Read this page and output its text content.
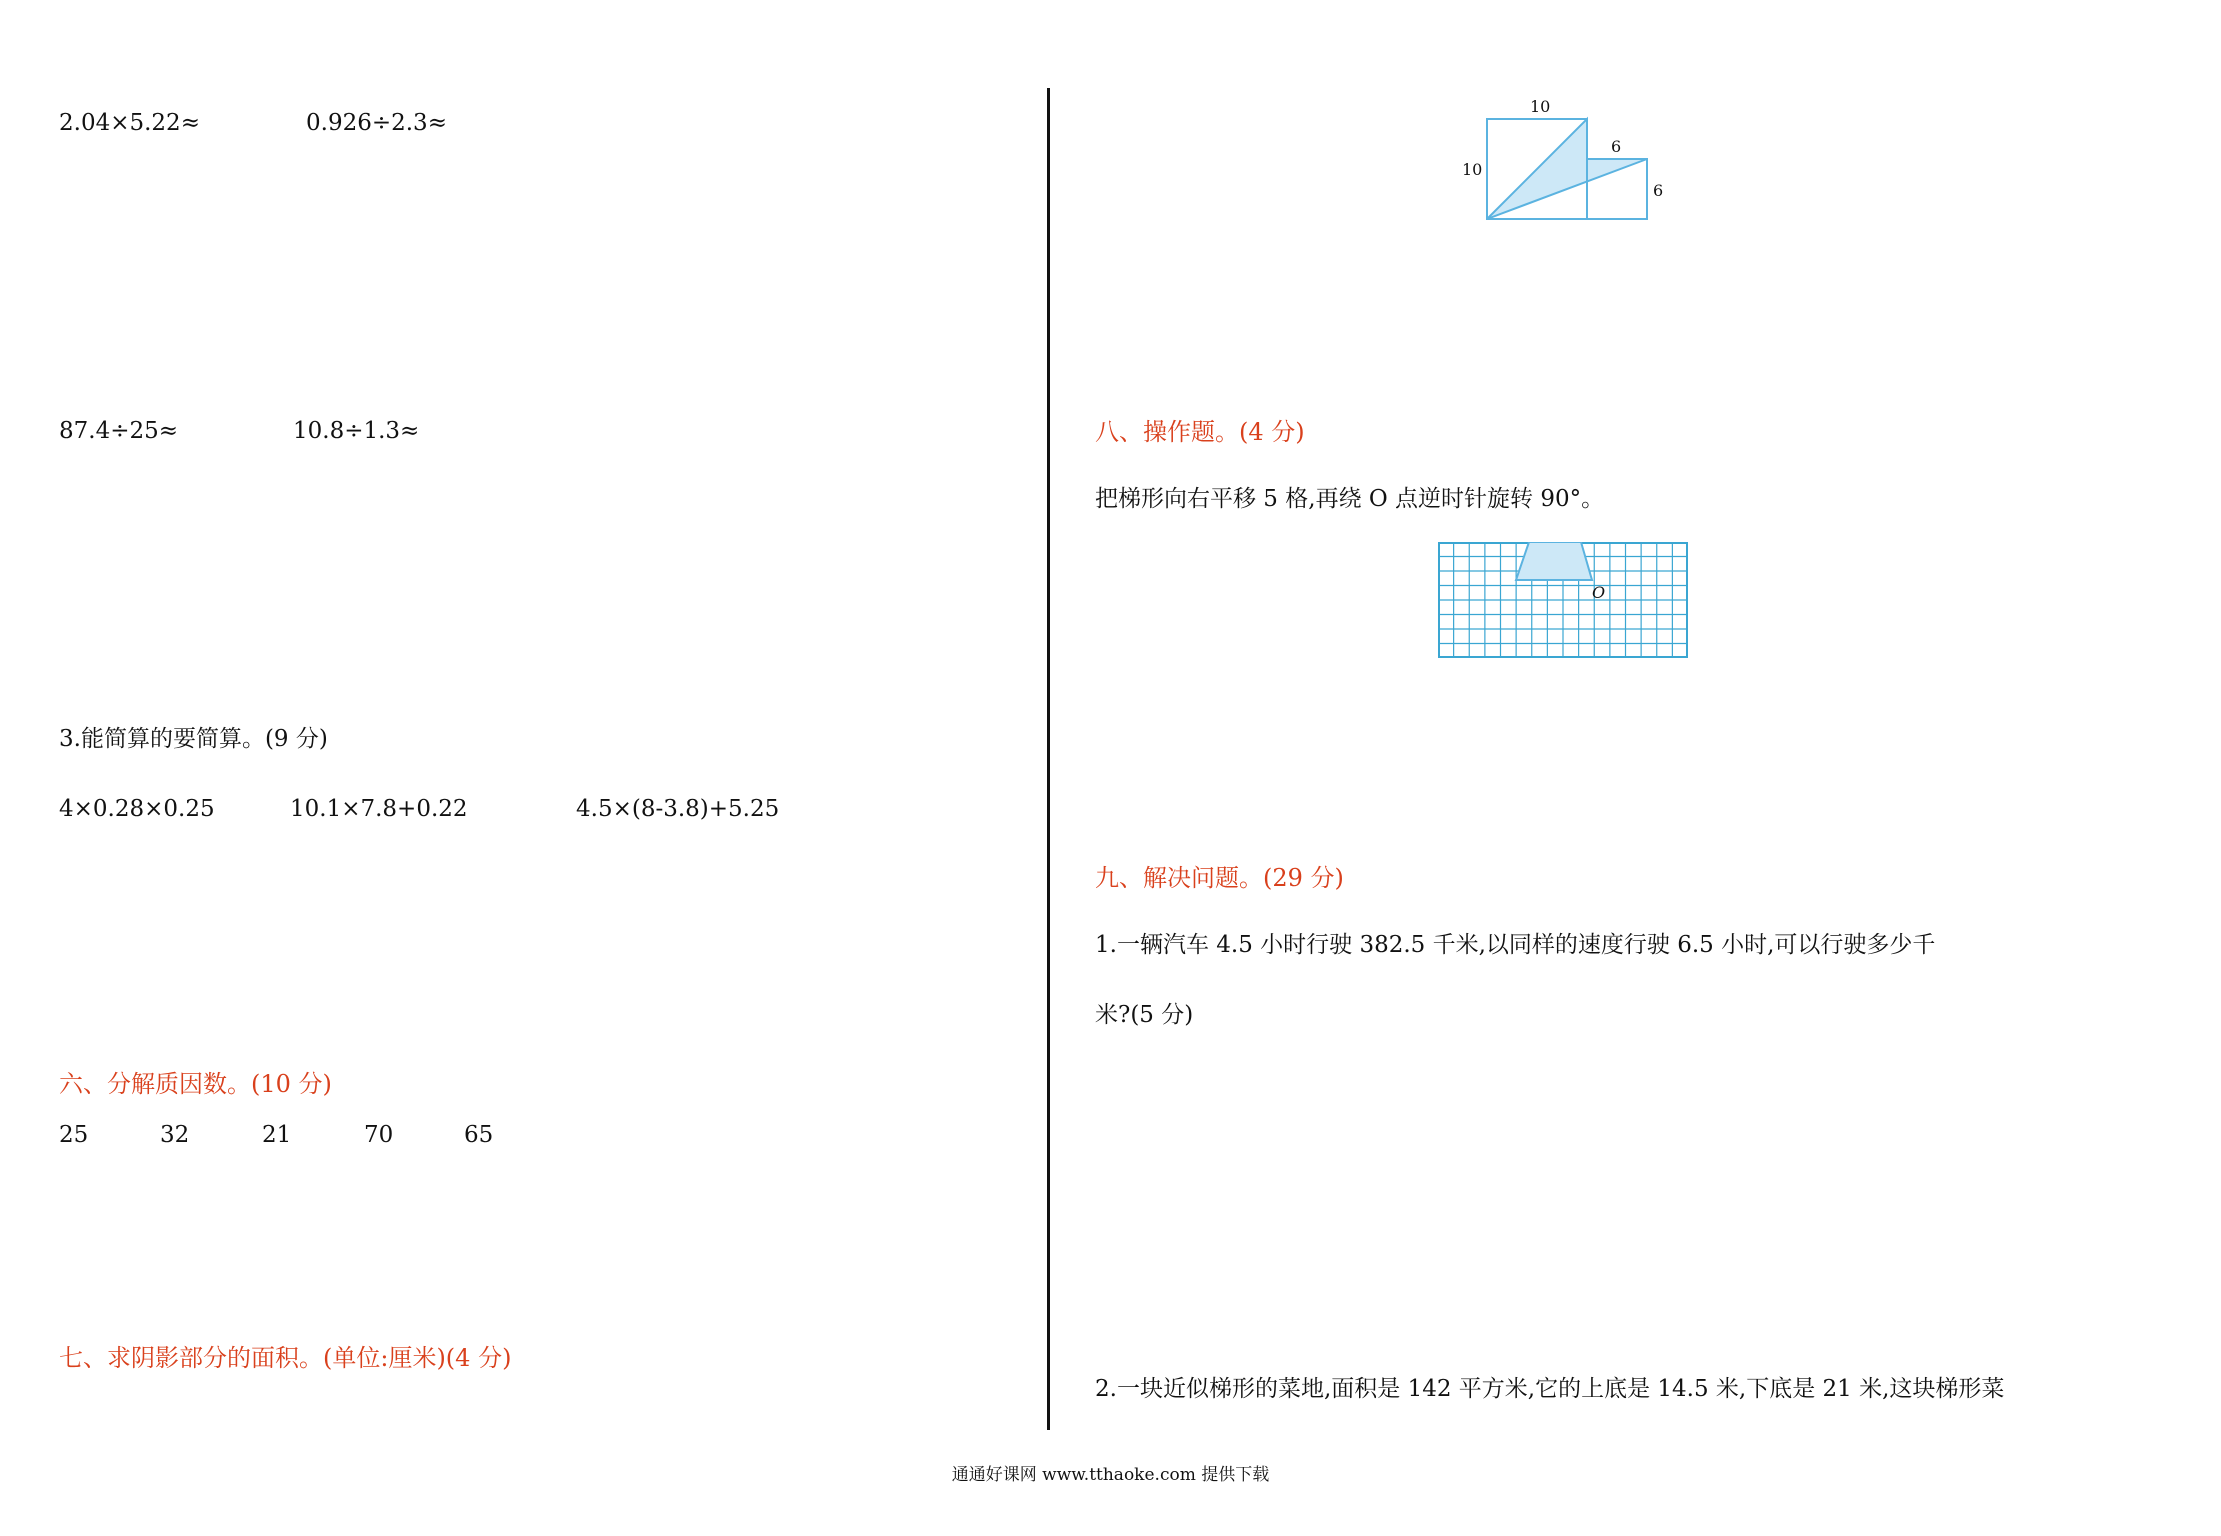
2.04×5.22≈	0.926÷2.3≈
87.4÷25≈	10.8÷1.3≈
3.能简算的要简算。(9 分)
4×0.28×0.25	10.1×7.8+0.22	4.5×(8-3.8)+5.25
六、分解质因数。(10 分)
25	32	21	70	65
七、求阴影部分的面积。(单位:厘米)(4 分)
10
10
6
6
八、操作题。(4 分)
把梯形向右平移 5 格,再绕 O 点逆时针旋转 90°。
O
九、解决问题。(29 分)
1.一辆汽车 4.5 小时行驶 382.5 千米,以同样的速度行驶 6.5 小时,可以行驶多少千
米?(5 分)
2.一块近似梯形的菜地,面积是 142 平方米,它的上底是 14.5 米,下底是 21 米,这块梯形菜
通通好课网 www.tthaoke.com 提供下载
